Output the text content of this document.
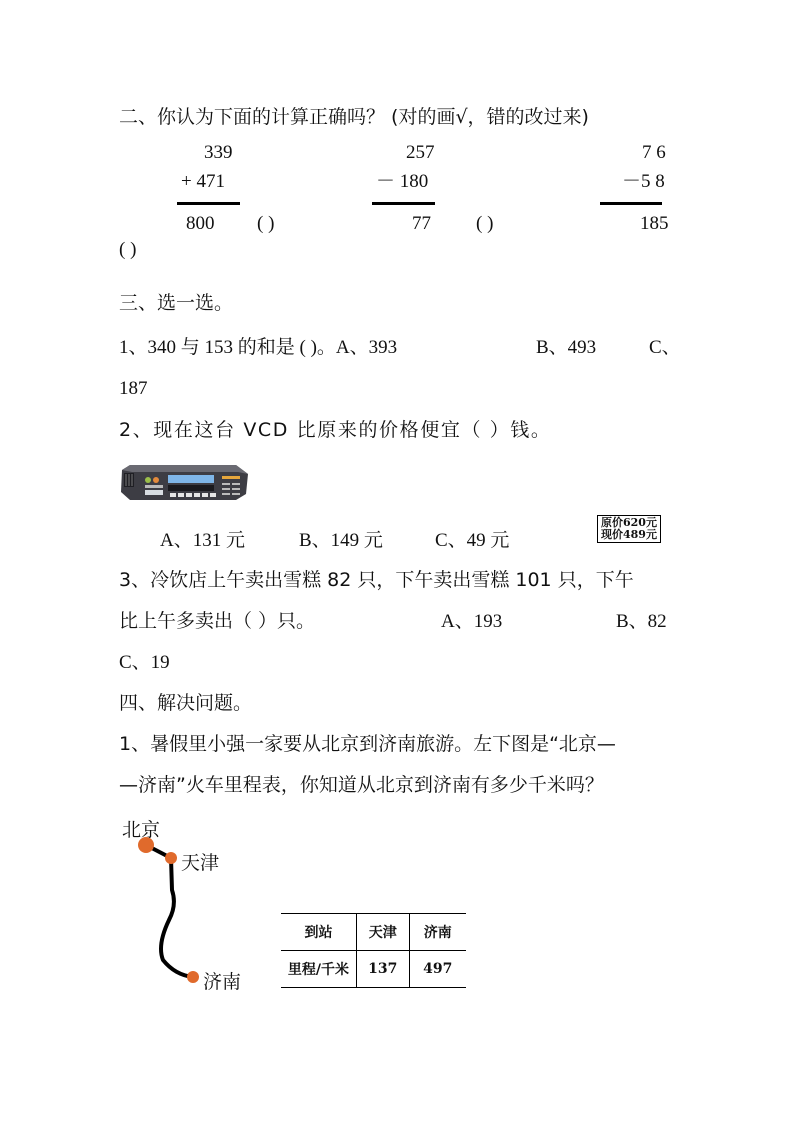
二、你认为下面的计算正确吗？ (对的画√，错的改过来)
339
+ 471
800 ( )
257
－ 180
77 ( )
7 6
－5 8
185
( )
三、选一选。
1、340 与 153 的和是 ( )。A、393	B、493	C、
187
2、现在这台 VCD 比原来的价格便宜（ ）钱。
原价620元
现价489元
A、131 元	B、149 元	C、49 元
3、冷饮店上午卖出雪糕 82 只，下午卖出雪糕 101 只，下午
比上午多卖出（ ）只。	A、193	B、82
C、19
四、解决问题。
1、暑假里小强一家要从北京到济南旅游。左下图是“北京—
—济南”火车里程表，你知道从北京到济南有多少千米吗？
北京
天津
济南
到站	天津	济南
里程/千米	137	497
